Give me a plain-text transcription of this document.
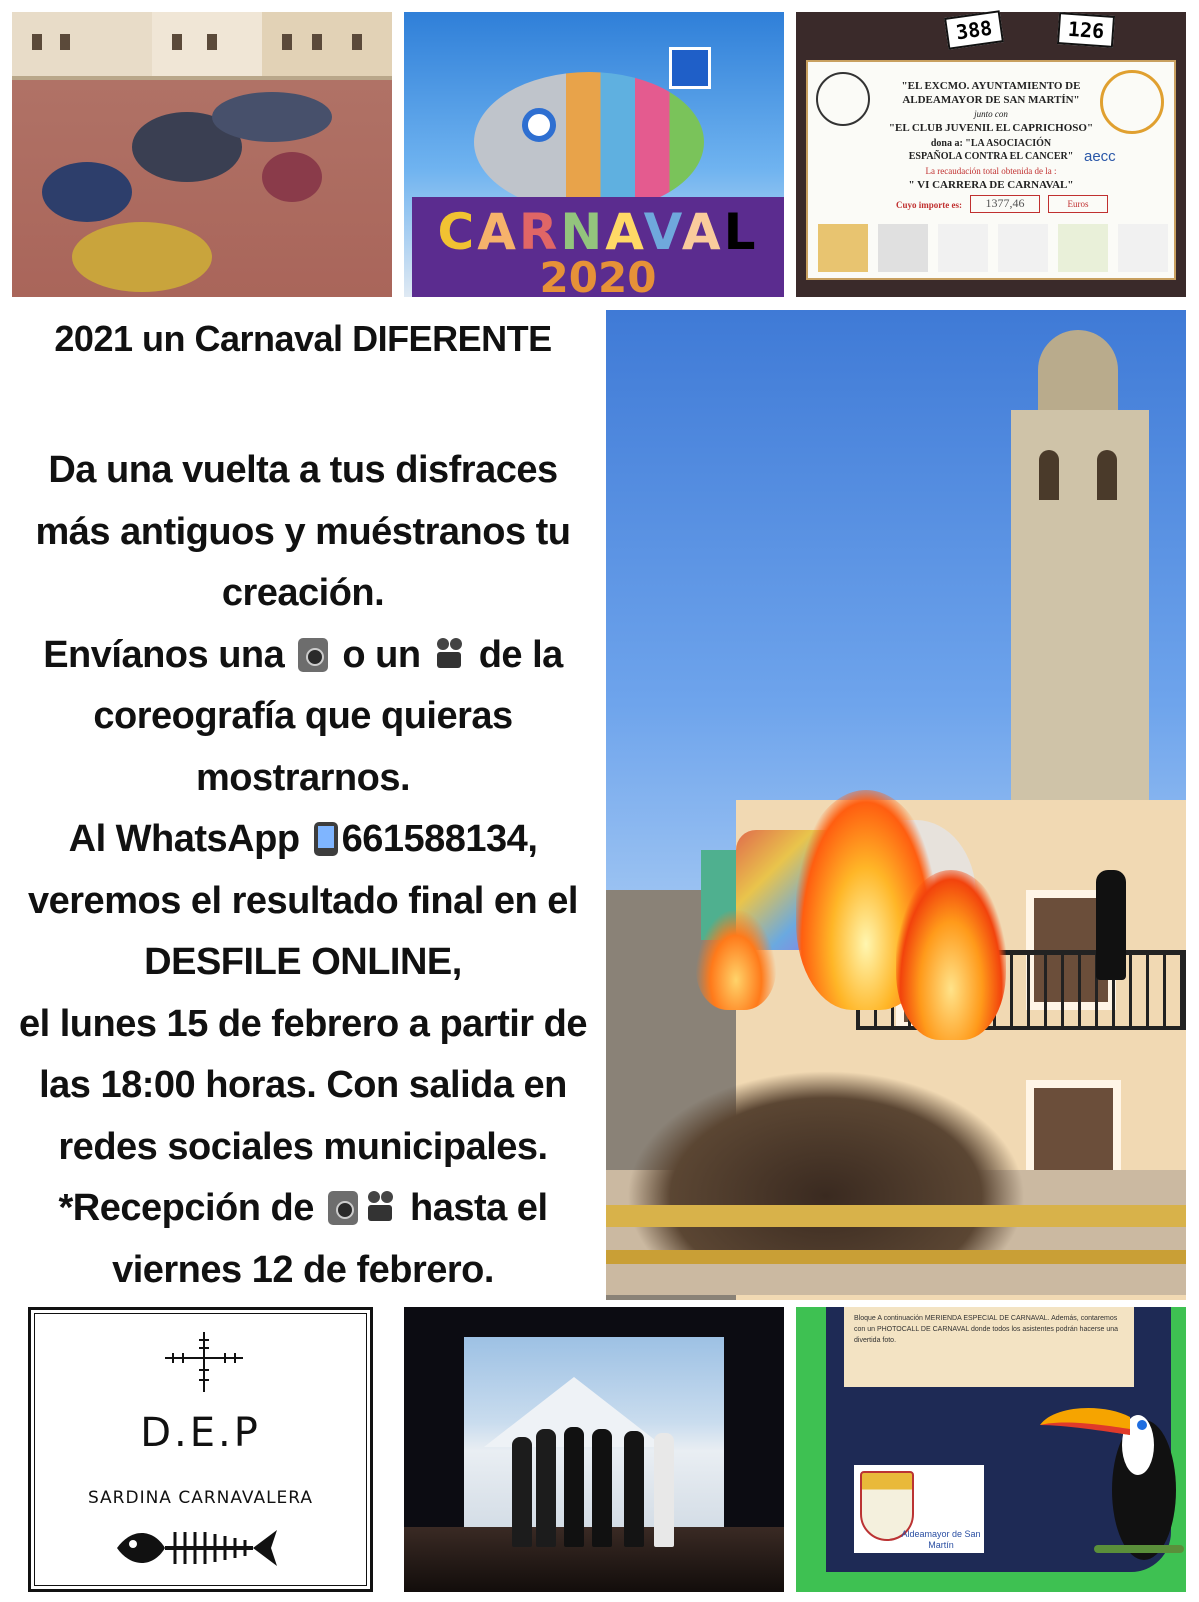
CARNAVAL
2020
388	126
"EL EXCMO. AYUNTAMIENTO DE
ALDEAMAYOR DE SAN MARTÍN"
junto con
"EL CLUB JUVENIL EL CAPRICHOSO"
dona a: "LA ASOCIACIÓN
ESPAÑOLA CONTRA EL CANCER" aecc
La recaudación total obtenida de la :
" VI CARRERA DE CARNAVAL"
Cuyo importe es:	1377,46	Euros
2021 un Carnaval DIFERENTE
Da una vuelta a tus disfraces
más antiguos y muéstranos tu
creación.
Envíanos una  o un  de la
coreografía que quieras
mostrarnos.
Al WhatsApp 661588134,
veremos el resultado final en el
DESFILE ONLINE,
el lunes 15 de febrero a partir de
las 18:00 horas. Con salida en
redes sociales municipales.
*Recepción de  hasta el
viernes 12 de febrero.
D.E.P
SARDINA CARNAVALERA
Bloque A continuación MERIENDA ESPECIAL DE CARNAVAL. Además, contaremos con un PHOTOCALL DE CARNAVAL donde todos los asistentes podrán hacerse una divertida foto.
Aldeamayor de San Martín
